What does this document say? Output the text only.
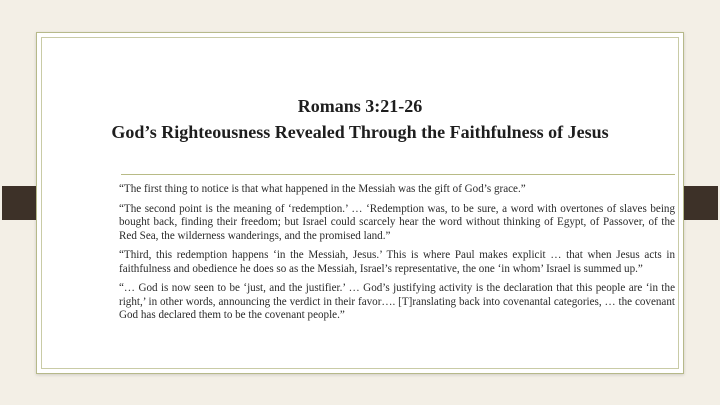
Romans 3:21-26
God’s Righteousness Revealed Through the Faithfulness of Jesus

“The first thing to notice is that what happened in the Messiah was the gift of God’s grace.”

“The second point is the meaning of ‘redemption.’ … ‘Redemption was, to be sure, a word with overtones of slaves being bought back, finding their freedom; but Israel could scarcely hear the word without thinking of Egypt, of Passover, of the Red Sea, the wilderness wanderings, and the promised land.”

“Third, this redemption happens ‘in the Messiah, Jesus.’ This is where Paul makes explicit … that when Jesus acts in faithfulness and obedience he does so as the Messiah, Israel’s representative, the one ‘in whom’ Israel is summed up.”

“… God is now seen to be ‘just, and the justifier.’ … God’s justifying activity is the declaration that this people are ‘in the right,’ in other words, announcing the verdict in their favor…. [T]ranslating back into covenantal categories, … the covenant God has declared them to be the covenant people.”
